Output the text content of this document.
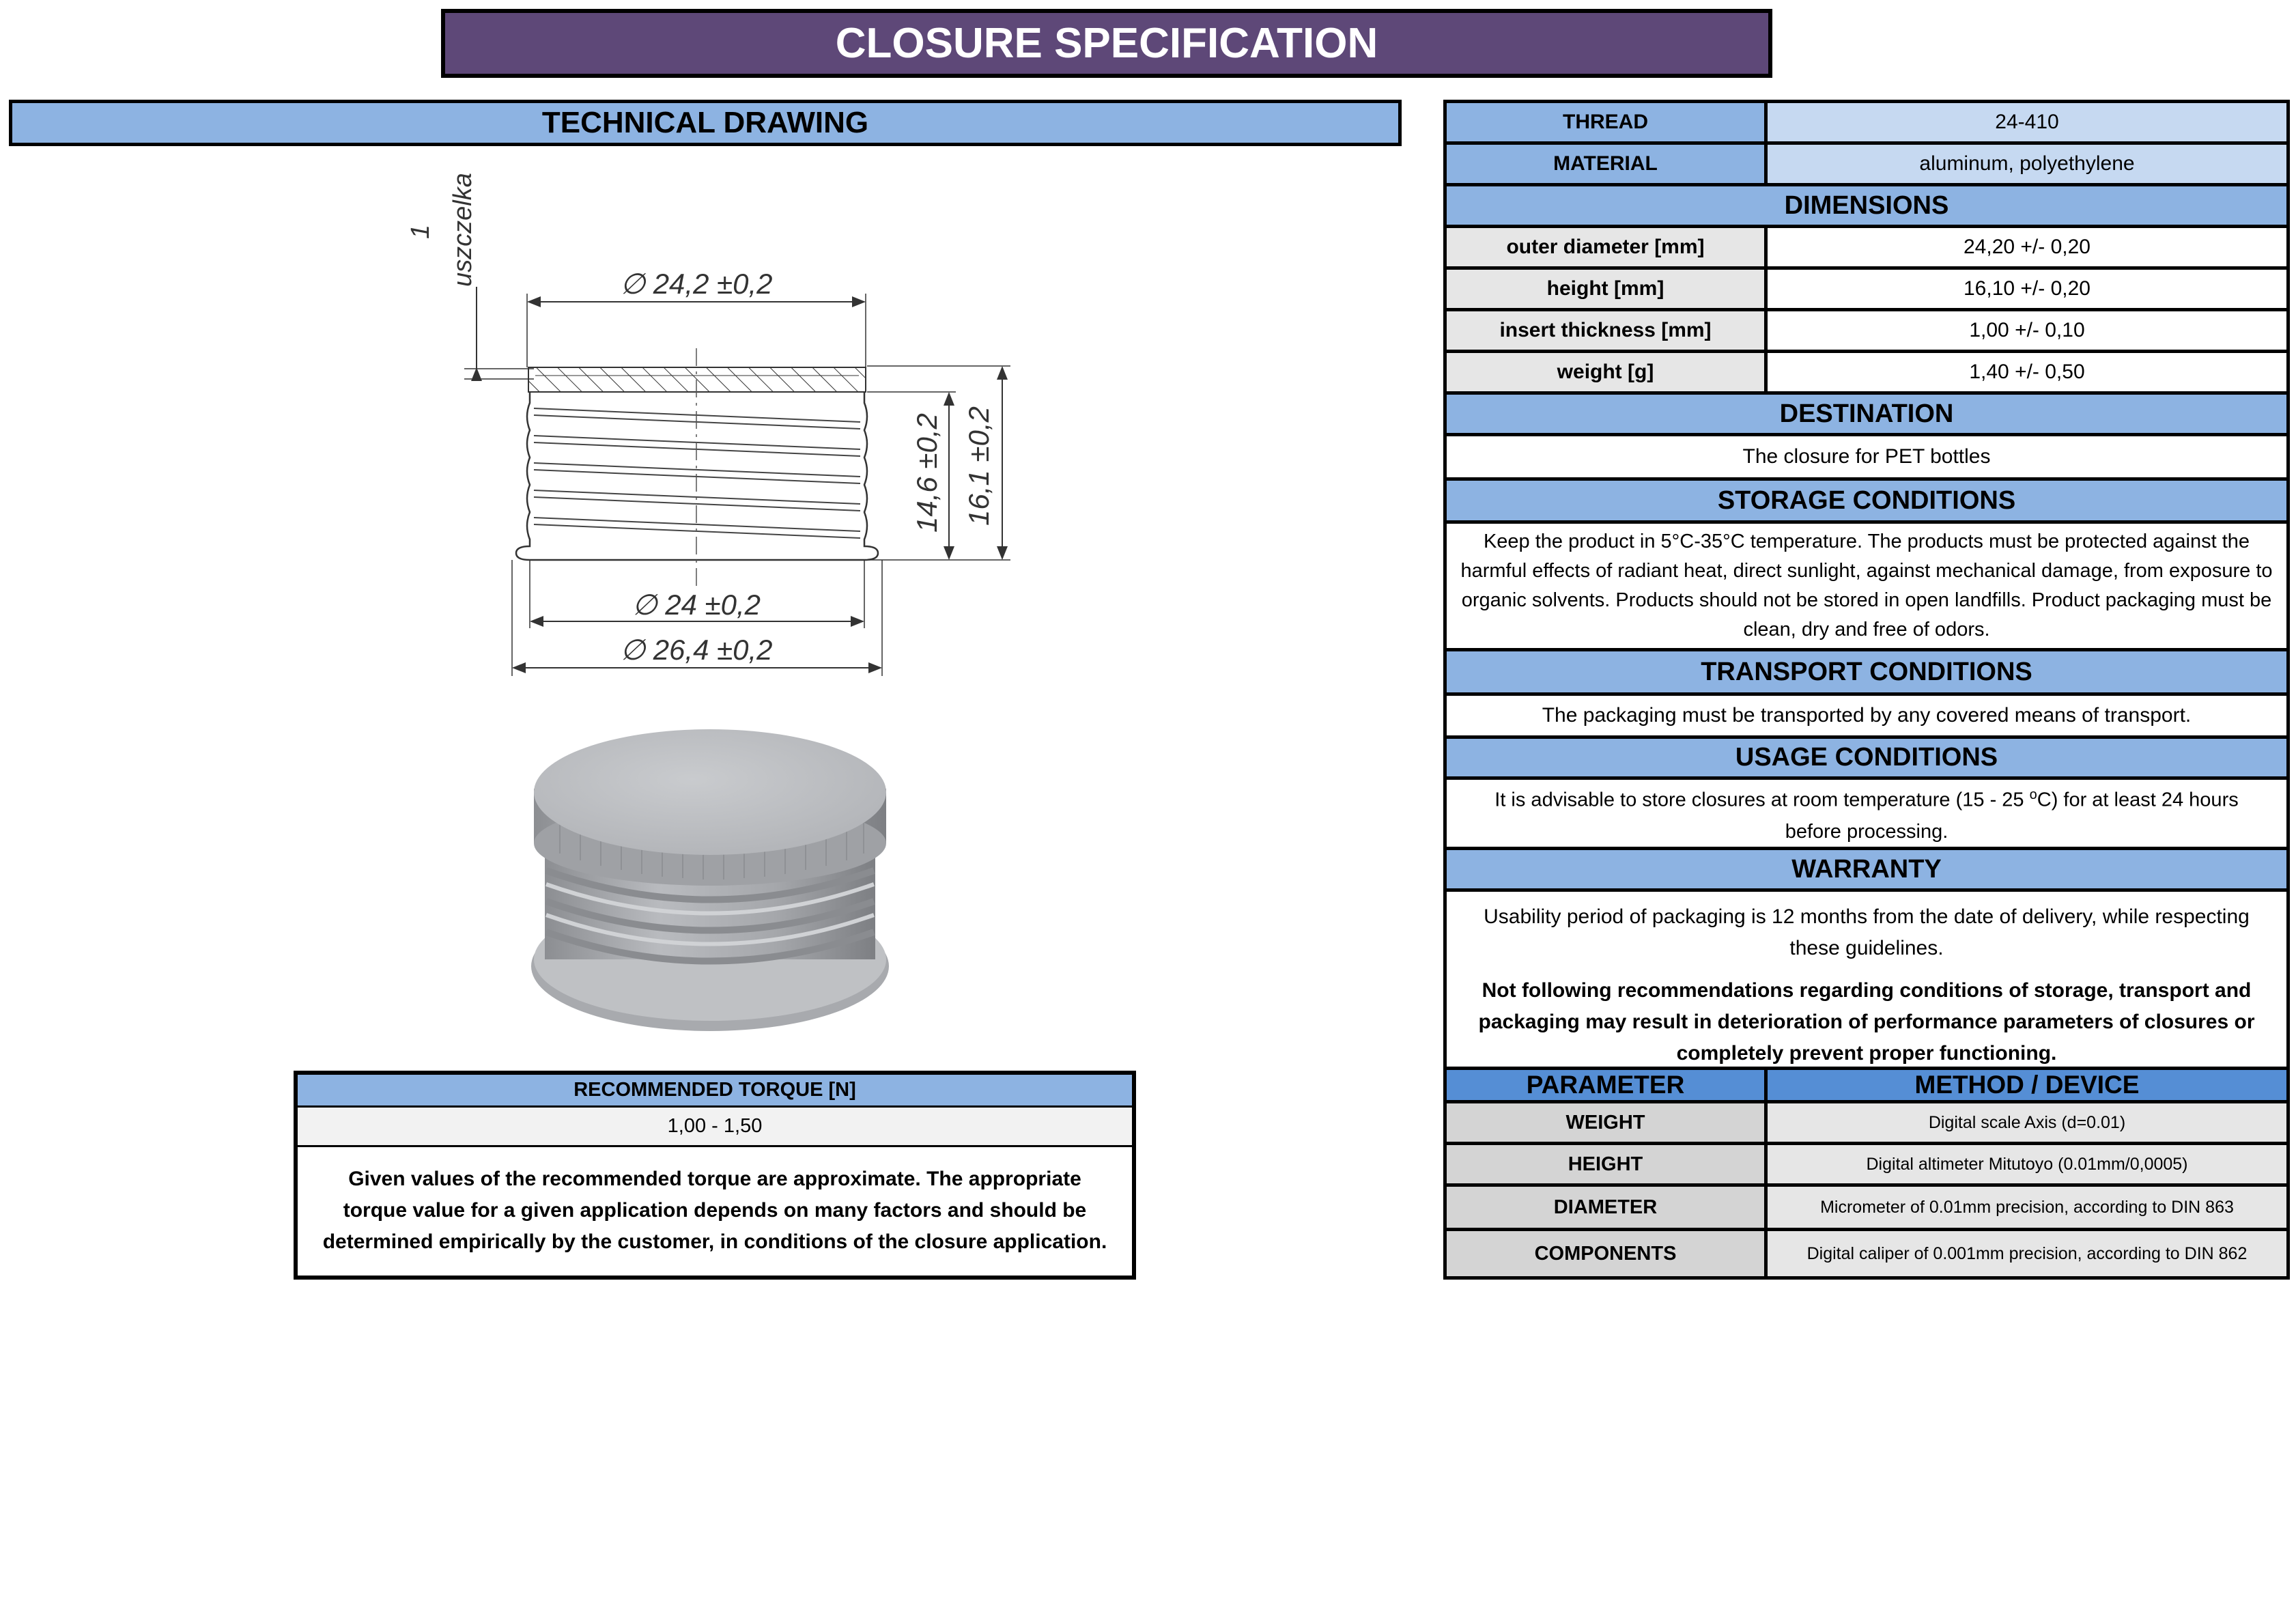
CLOSURE SPECIFICATION
TECHNICAL DRAWING
1 uszczelka	∅ 24,2 ±0,2
14,6 ±0,2 16,1 ±0,2
∅ 24 ±0,2
∅ 26,4 ±0,2
RECOMMENDED TORQUE [N]
1,00 - 1,50
Given values of the recommended torque are approximate. The appropriate torque value for a given application depends on many factors and should be determined empirically by the customer, in conditions of the closure application.
THREAD	24-410
MATERIAL	aluminum, polyethylene
DIMENSIONS
outer diameter [mm]	24,20 +/- 0,20
height [mm]	16,10 +/- 0,20
insert thickness [mm]	1,00 +/- 0,10
weight [g]	1,40 +/- 0,50
DESTINATION
The closure for PET bottles
STORAGE CONDITIONS
Keep the product in 5°C-35°C temperature. The products must be protected against the harmful effects of radiant heat, direct sunlight, against mechanical damage, from exposure to organic solvents. Products should not be stored in open landfills. Product packaging must be clean, dry and free of odors.
TRANSPORT CONDITIONS
The packaging must be transported by any covered means of transport.
USAGE CONDITIONS
It is advisable to store closures at room temperature (15 - 25 $^o$C) for at least 24 hours before processing.
WARRANTY

Usability period of packaging is 12 months from the date of delivery, while respecting these guidelines.

Not following recommendations regarding conditions of storage, transport and packaging may result in deterioration of performance parameters of closures or completely prevent proper functioning.

PARAMETER	METHOD / DEVICE
WEIGHT	Digital scale Axis (d=0.01)
HEIGHT	Digital altimeter Mitutoyo (0.01mm/0,0005)
DIAMETER	Micrometer of 0.01mm precision, according to DIN 863
COMPONENTS	Digital caliper of 0.001mm precision, according to DIN 862
